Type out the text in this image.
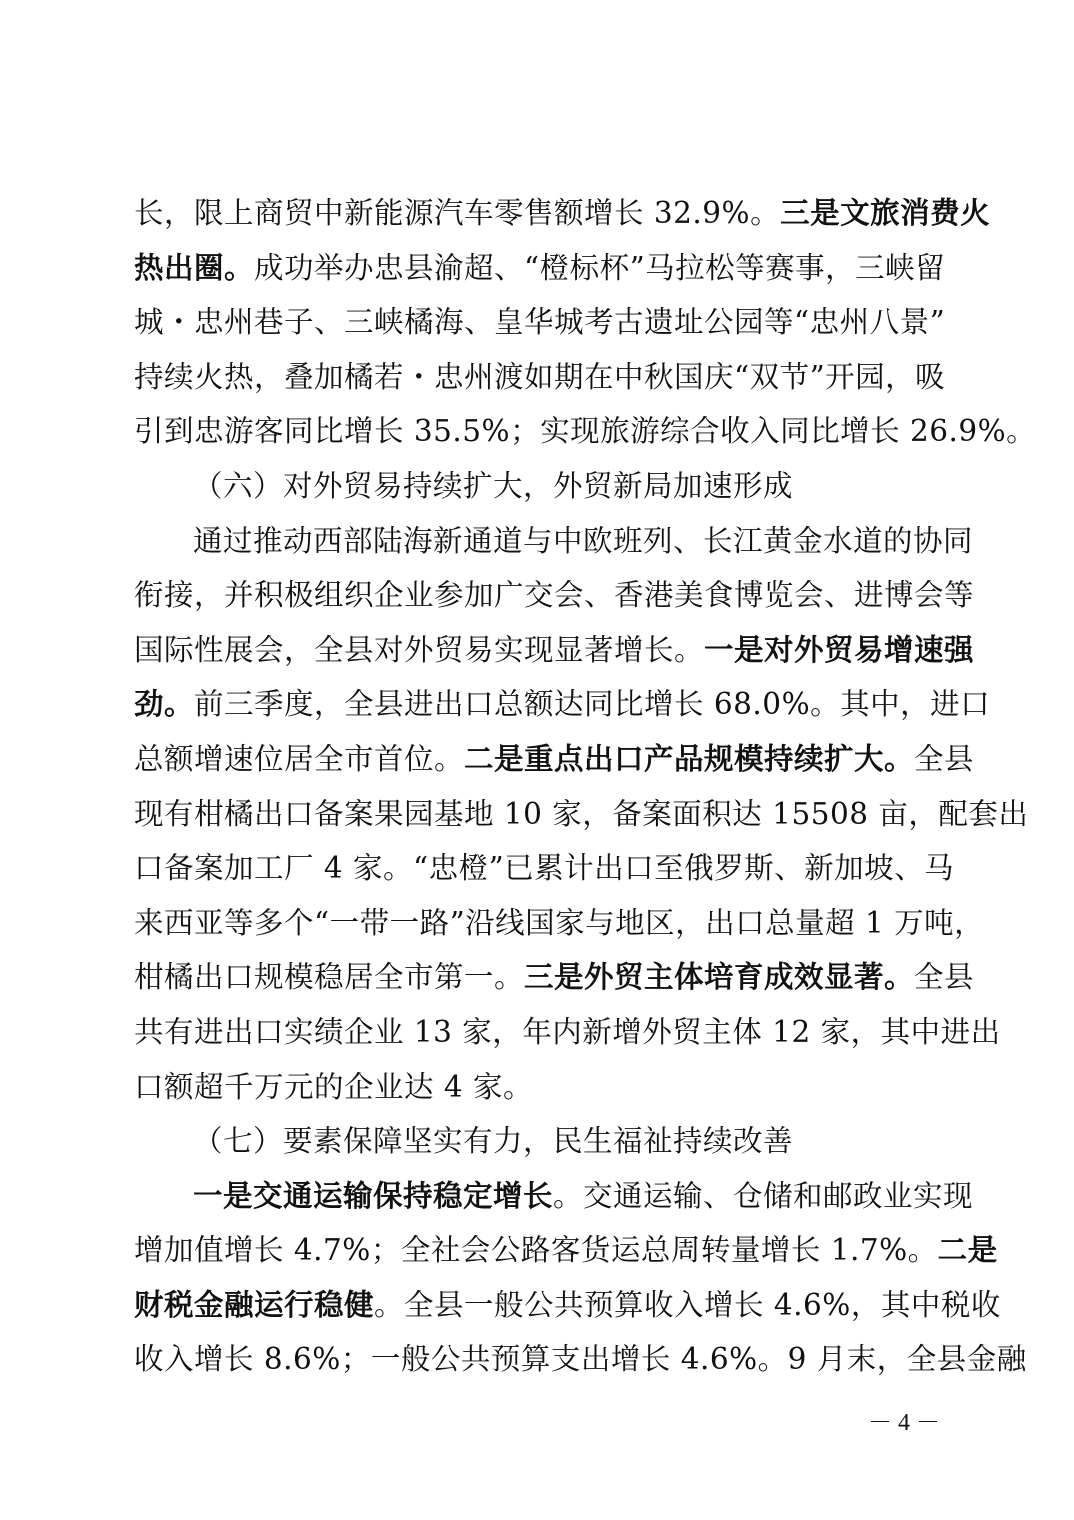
长，限上商贸中新能源汽车零售额增长 32.9%。三是文旅消费火
热出圈。成功举办忠县渝超、“橙标杯”马拉松等赛事，三峡留
城・忠州巷子、三峡橘海、皇华城考古遗址公园等“忠州八景”
持续火热，叠加橘若・忠州渡如期在中秋国庆“双节”开园，吸
引到忠游客同比增长 35.5%；实现旅游综合收入同比增长 26.9%。
（六）对外贸易持续扩大，外贸新局加速形成
通过推动西部陆海新通道与中欧班列、长江黄金水道的协同
衔接，并积极组织企业参加广交会、香港美食博览会、进博会等
国际性展会，全县对外贸易实现显著增长。一是对外贸易增速强
劲。前三季度，全县进出口总额达同比增长 68.0%。其中，进口
总额增速位居全市首位。二是重点出口产品规模持续扩大。全县
现有柑橘出口备案果园基地 10 家，备案面积达 15508 亩，配套出
口备案加工厂 4 家。“忠橙”已累计出口至俄罗斯、新加坡、马
来西亚等多个“一带一路”沿线国家与地区，出口总量超 1 万吨，
柑橘出口规模稳居全市第一。三是外贸主体培育成效显著。全县
共有进出口实绩企业 13 家，年内新增外贸主体 12 家，其中进出
口额超千万元的企业达 4 家。
（七）要素保障坚实有力，民生福祉持续改善
一是交通运输保持稳定增长。交通运输、仓储和邮政业实现
增加值增长 4.7%；全社会公路客货运总周转量增长 1.7%。二是
财税金融运行稳健。全县一般公共预算收入增长 4.6%，其中税收
收入增长 8.6%；一般公共预算支出增长 4.6%。9 月末，全县金融
－ 4 －
